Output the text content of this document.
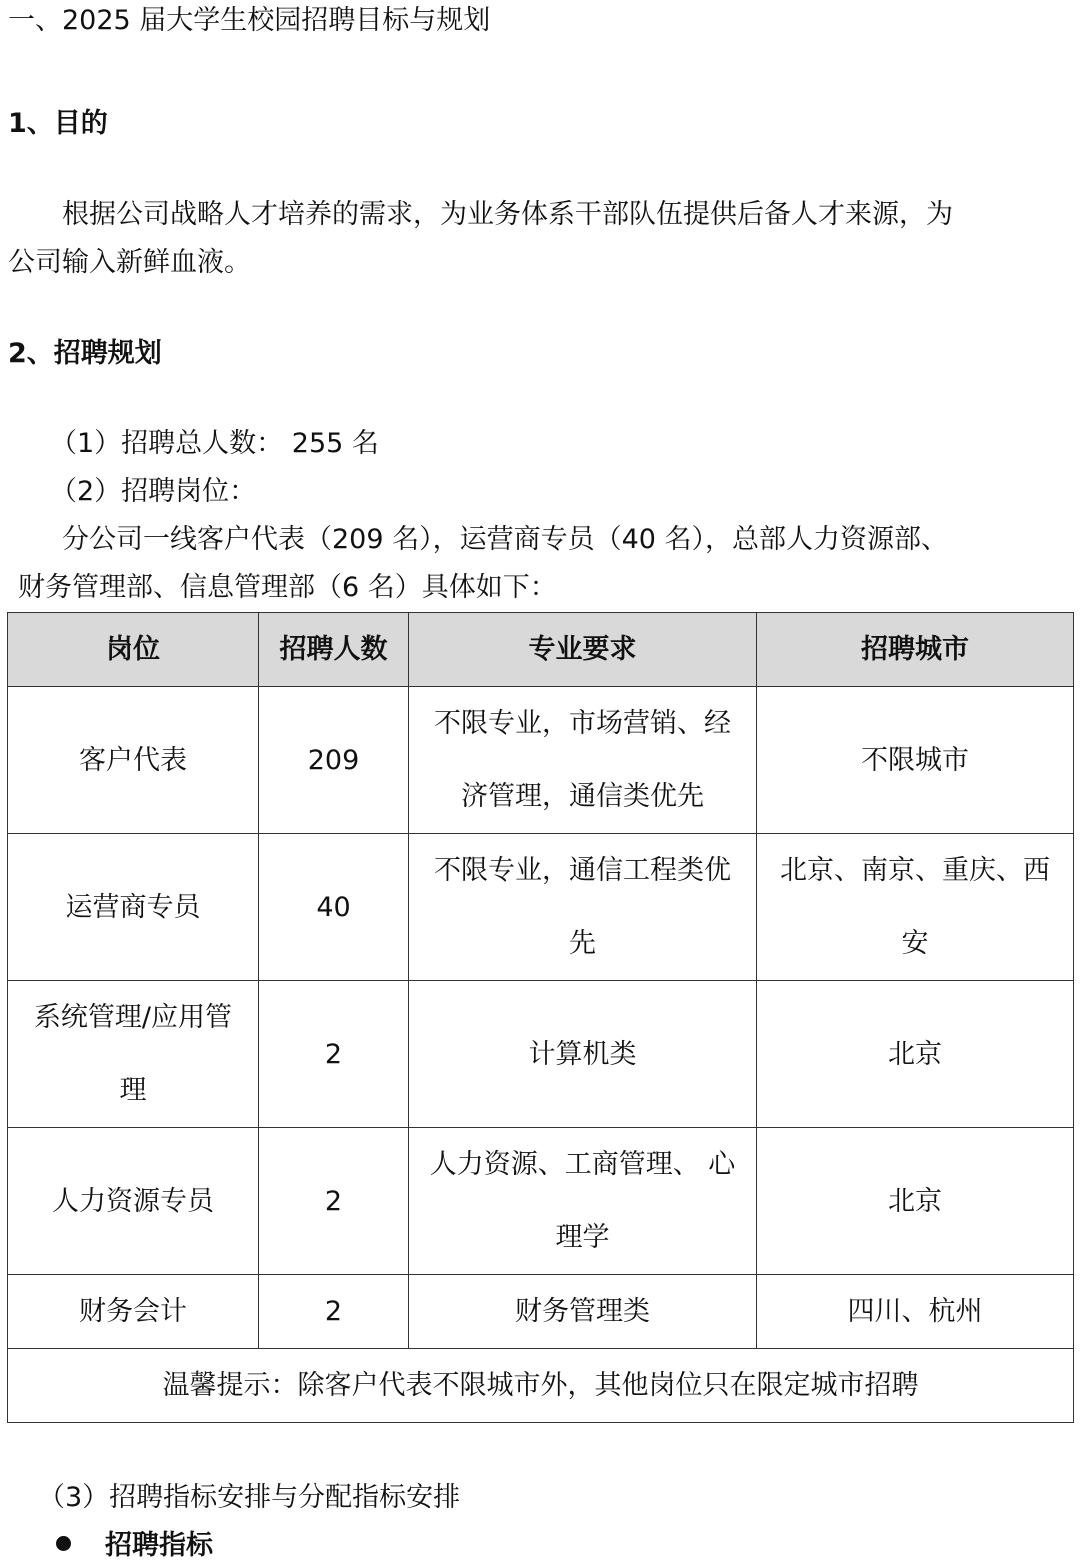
一、2025 届大学生校园招聘目标与规划
1、目的
根据公司战略人才培养的需求，为业务体系干部队伍提供后备人才来源，为
公司输入新鲜血液。
2、招聘规划
（1）招聘总人数： 255 名
（2）招聘岗位：
分公司一线客户代表（209 名），运营商专员（40 名），总部人力资源部、
财务管理部、信息管理部（6 名）具体如下：
岗位	招聘人数	专业要求	招聘城市
客户代表	209	不限专业，市场营销、经济管理，通信类优先	不限城市
运营商专员	40	不限专业，通信工程类优先	北京、南京、重庆、西安
系统管理/应用管理	2	计算机类	北京
人力资源专员	2	人力资源、工商管理、 心理学	北京
财务会计	2	财务管理类	四川、杭州
温馨提示：除客户代表不限城市外，其他岗位只在限定城市招聘			
（3）招聘指标安排与分配指标安排
招聘指标
